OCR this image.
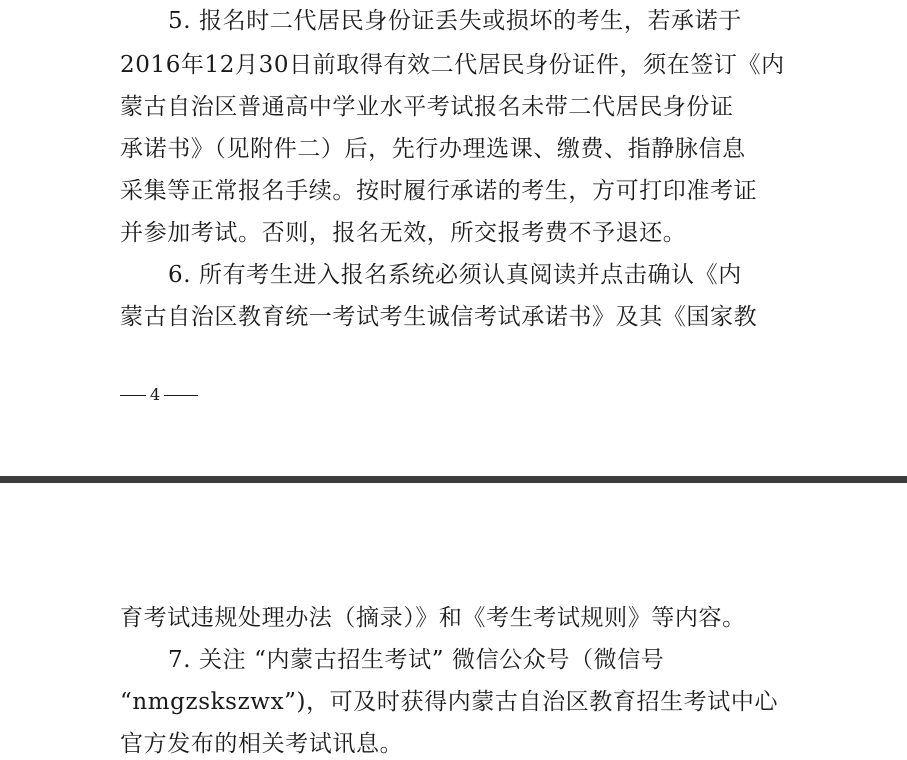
5. 报名时二代居民身份证丢失或损坏的考生，若承诺于
2016年12月30日前取得有效二代居民身份证件，须在签订《内
蒙古自治区普通高中学业水平考试报名未带二代居民身份证
承诺书》（见附件二）后，先行办理选课、缴费、指静脉信息
采集等正常报名手续。按时履行承诺的考生，方可打印准考证
并参加考试。否则，报名无效，所交报考费不予退还。
6. 所有考生进入报名系统必须认真阅读并点击确认《内
蒙古自治区教育统一考试考生诚信考试承诺书》及其《国家教
4
育考试违规处理办法（摘录）》和《考生考试规则》等内容。
7. 关注 “内蒙古招生考试” 微信公众号（微信号
“nmgzskszwx”)，可及时获得内蒙古自治区教育招生考试中心
官方发布的相关考试讯息。
